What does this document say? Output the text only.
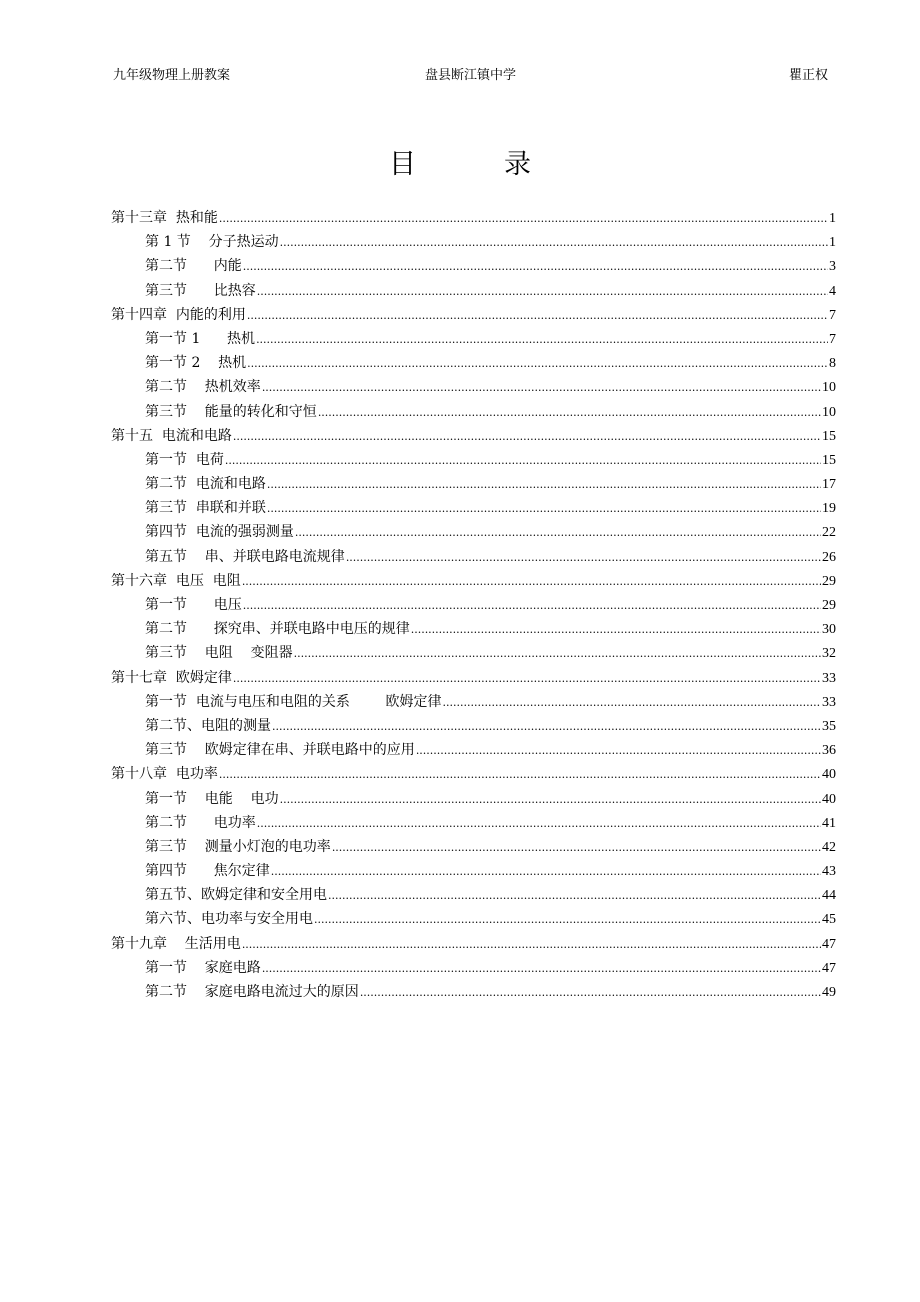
九年级物理上册教案	盘县断江镇中学	瞿正权
目	录
第十三章  热和能 .....	1
第 1 节    分子热运动 .....	1
第二节      内能 .....	3
第三节      比热容 .....	4
第十四章  内能的利用 .....	7
第一节 1      热机 .....	7
第一节 2    热机 .....	8
第二节    热机效率 .....	10
第三节    能量的转化和守恒 .....	10
第十五  电流和电路 .....	15
第一节  电荷 .....	15
第二节  电流和电路 .....	17
第三节  串联和并联 .....	19
第四节  电流的强弱测量 .....	22
第五节    串、并联电路电流规律 .....	26
第十六章  电压  电阻 .....	29
第一节      电压 .....	29
第二节      探究串、并联电路中电压的规律 .....	30
第三节    电阻    变阻器 .....	32
第十七章  欧姆定律 .....	33
第一节  电流与电压和电阻的关系        欧姆定律 .....	33
第二节、电阻的测量 .....	35
第三节    欧姆定律在串、并联电路中的应用 .....	36
第十八章  电功率 .....	40
第一节    电能    电功 .....	40
第二节      电功率 .....	41
第三节    测量小灯泡的电功率 .....	42
第四节      焦尔定律 .....	43
第五节、欧姆定律和安全用电 .....	44
第六节、电功率与安全用电 .....	45
第十九章    生活用电 .....	47
第一节    家庭电路 .....	47
第二节    家庭电路电流过大的原因 .....	49
